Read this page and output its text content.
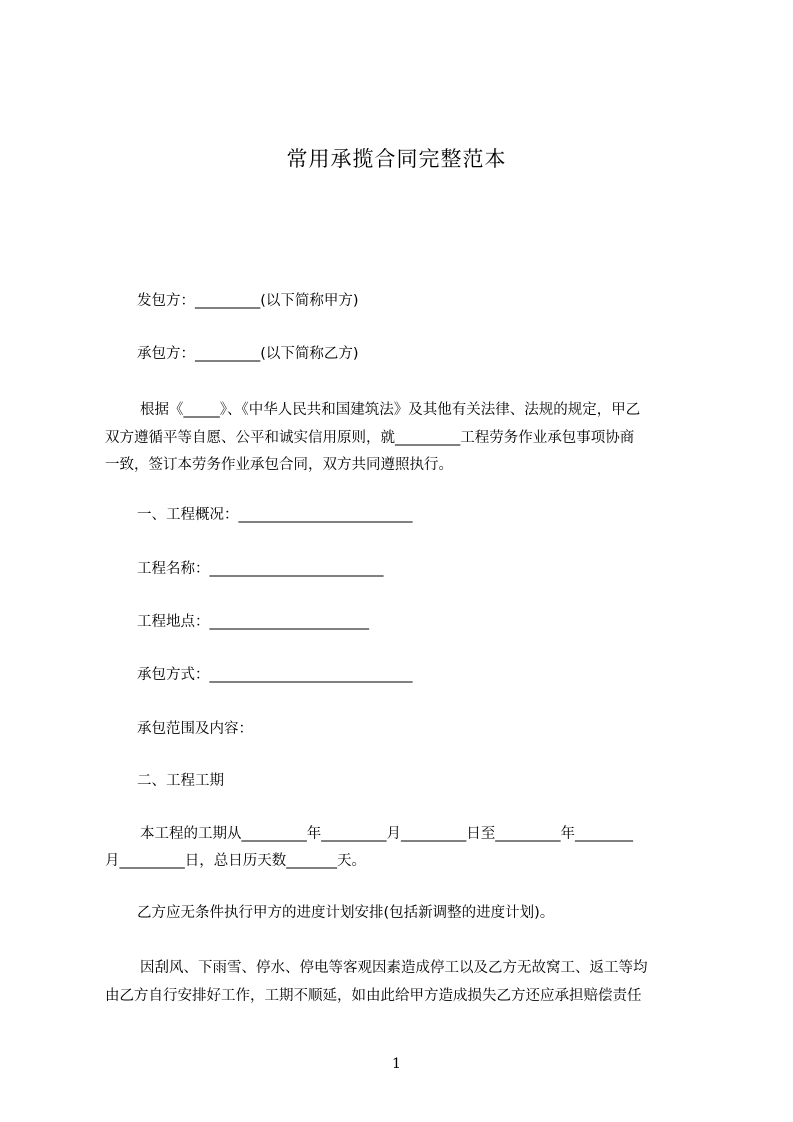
常用承揽合同完整范本
发包方：_________(以下简称甲方)
承包方：_________(以下简称乙方)
根据《_____》、《中华人民共和国建筑法》及其他有关法律、法规的规定，甲乙
双方遵循平等自愿、公平和诚实信用原则，就_________工程劳务作业承包事项协商
一致，签订本劳务作业承包合同，双方共同遵照执行。
一、工程概况：________________________
工程名称：________________________
工程地点：______________________
承包方式：____________________________
承包范围及内容：
二、工程工期
本工程的工期从_________年_________月_________日至_________年________
月_________日，总日历天数_______天。
乙方应无条件执行甲方的进度计划安排(包括新调整的进度计划)。
因刮风、下雨雪、停水、停电等客观因素造成停工以及乙方无故窝工、返工等均
由乙方自行安排好工作，工期不顺延，如由此给甲方造成损失乙方还应承担赔偿责任
1
